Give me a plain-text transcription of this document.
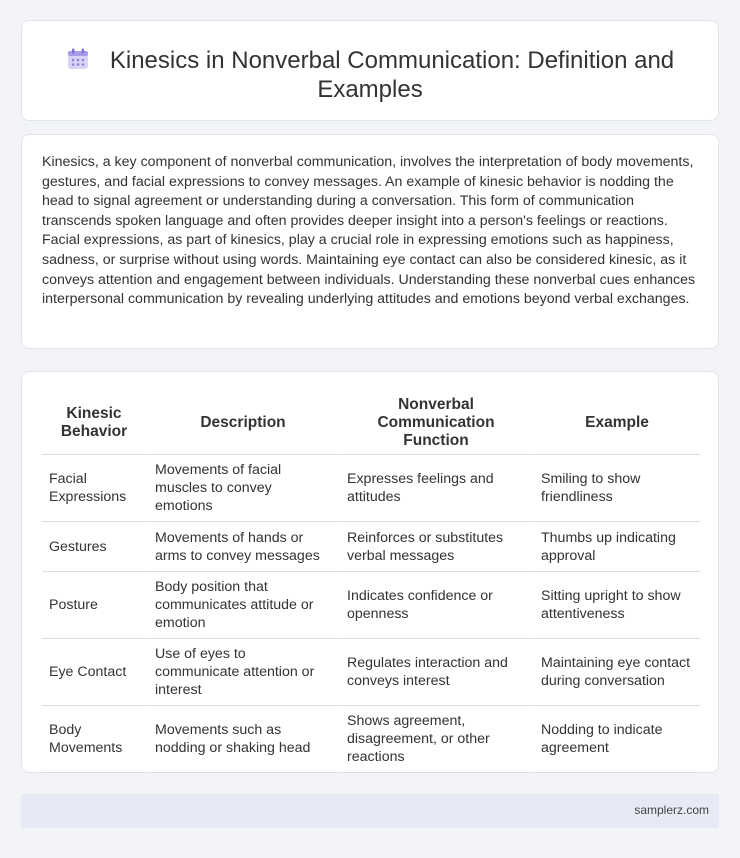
Kinesics in Nonverbal Communication: Definition and Examples

Kinesics, a key component of nonverbal communication, involves the interpretation of body movements, gestures, and facial expressions to convey messages. An example of kinesic behavior is nodding the head to signal agreement or understanding during a conversation. This form of communication transcends spoken language and often provides deeper insight into a person's feelings or reactions. Facial expressions, as part of kinesics, play a crucial role in expressing emotions such as happiness, sadness, or surprise without using words. Maintaining eye contact can also be considered kinesic, as it conveys attention and engagement between individuals. Understanding these nonverbal cues enhances interpersonal communication by revealing underlying attitudes and emotions beyond verbal exchanges.

Kinesic Behavior	Description	Nonverbal Communication Function	Example
Facial Expressions	Movements of facial muscles to convey emotions	Expresses feelings and attitudes	Smiling to show friendliness
Gestures	Movements of hands or arms to convey messages	Reinforces or substitutes verbal messages	Thumbs up indicating approval
Posture	Body position that communicates attitude or emotion	Indicates confidence or openness	Sitting upright to show attentiveness
Eye Contact	Use of eyes to communicate attention or interest	Regulates interaction and conveys interest	Maintaining eye contact during conversation
Body Movements	Movements such as nodding or shaking head	Shows agreement, disagreement, or other reactions	Nodding to indicate agreement
samplerz.com
